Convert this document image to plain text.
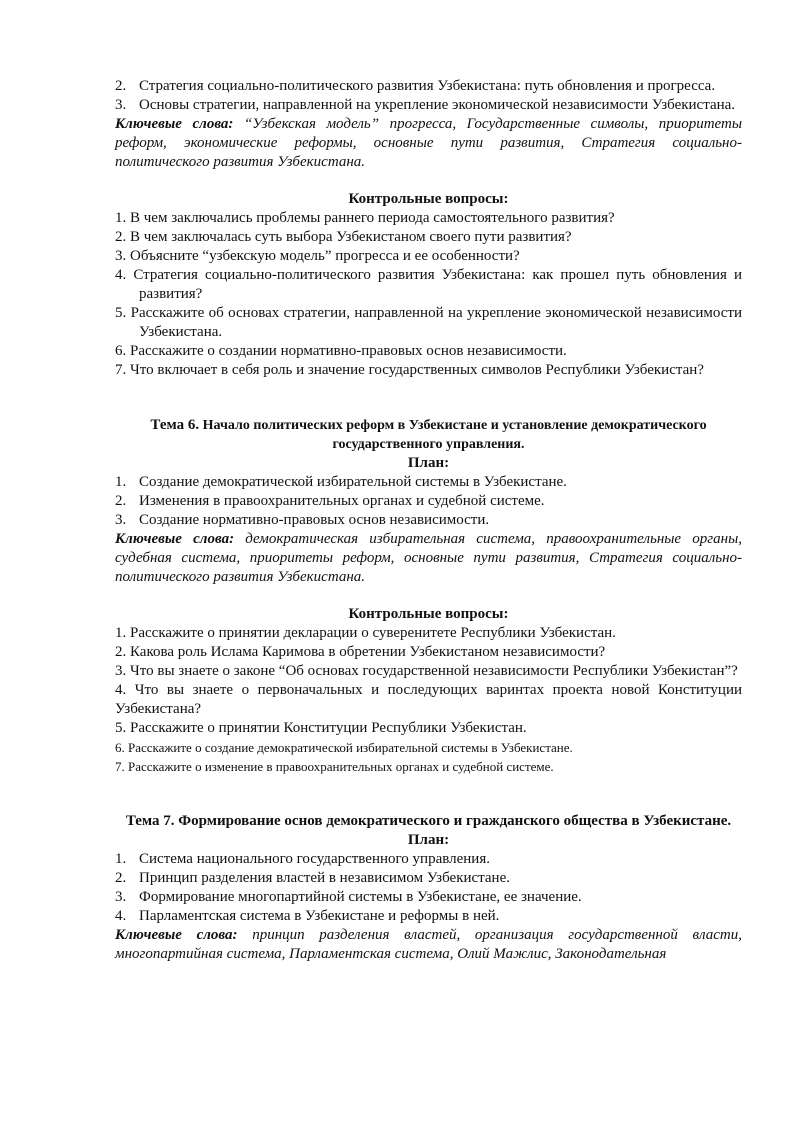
2. Стратегия социально-политического развития Узбекистана: путь обновления и прогресса.
3. Основы стратегии, направленной на укрепление экономической независимости Узбекистана.

Ключевые слова: “Узбекская модель” прогресса, Государственные символы, приоритеты реформ, экономические реформы, основные пути развития, Стратегия социально-политического развития Узбекистана.

Контрольные вопросы:

1. В чем заключались проблемы раннего периода самостоятельного развития?

2. В чем заключалась суть выбора Узбекистаном своего пути развития?

3. Объясните “узбекскую модель” прогресса и ее особенности?

4. Стратегия социально-политического развития Узбекистана: как прошел путь обновления и развития?

5. Расскажите об основах стратегии, направленной на укрепление экономической независимости Узбекистана.

6. Расскажите о создании нормативно-правовых основ независимости.

7. Что включает в себя роль и значение государственных символов Республики Узбекистан?

Тема 6. Начало политических реформ в Узбекистане и установление демократического государственного управления.

План:

1. Создание демократической избирательной системы в Узбекистане.
2. Изменения в правоохранительных органах и судебной системе.
3. Создание нормативно-правовых основ независимости.

Ключевые слова: демократическая избирательная система, правоохранительные органы, судебная система, приоритеты реформ, основные пути развития, Стратегия социально-политического развития Узбекистана.

Контрольные вопросы:

1. Расскажите о принятии декларации о суверенитете Республики Узбекистан.

2. Какова роль Ислама Каримова в обретении Узбекистаном независимости?

3. Что вы знаете о законе “Об основах государственной независимости Республики Узбекистан”?

4. Что вы знаете о первоначальных и последующих варинтах проекта новой Конституции Узбекистана?

5. Расскажите о принятии Конституции Республики Узбекистан.

6. Расскажите о создание демократической избирательной системы в Узбекистане.

7. Расскажите о изменение в правоохранительных органах и судебной системе.

Тема 7. Формирование основ демократического и гражданского общества в Узбекистане.

План:

1. Система национального государственного управления.
2. Принцип разделения властей в независимом Узбекистане.
3. Формирование многопартийной системы в Узбекистане, ее значение.
4. Парламентская система в Узбекистане и реформы в ней.

Ключевые слова: принцип разделения властей, организация государственной власти, многопартийная система, Парламентская система, Олий Мажлис, Законодательная
